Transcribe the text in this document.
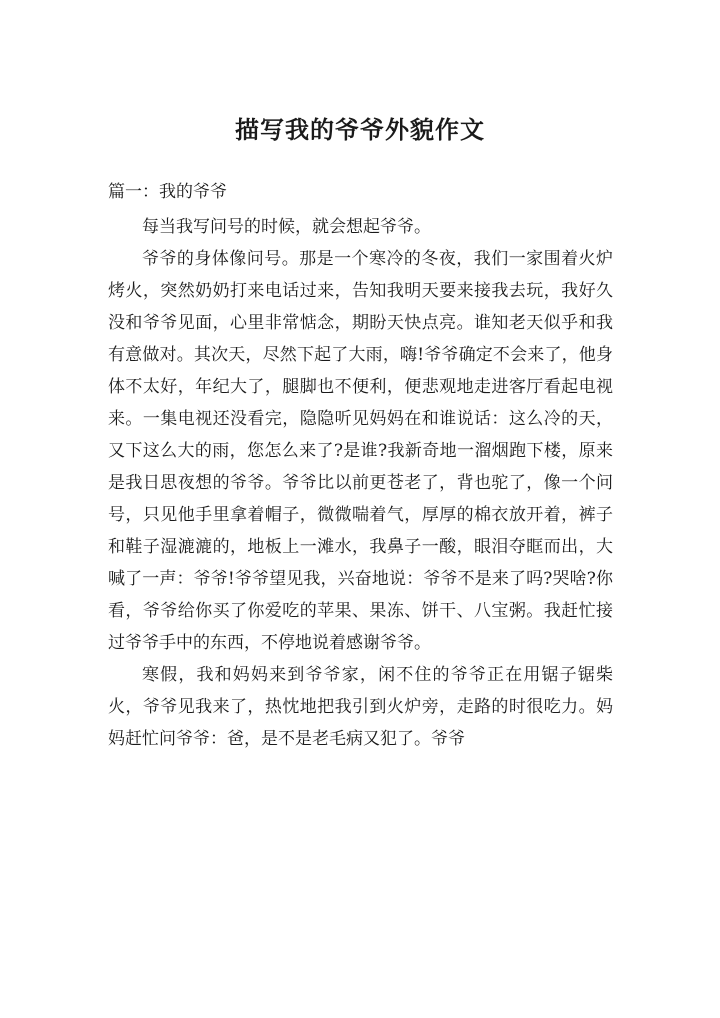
描写我的爷爷外貌作文
篇一：我的爷爷

每当我写问号的时候，就会想起爷爷。

爷爷的身体像问号。那是一个寒冷的冬夜，我们一家围着火炉烤火，突然奶奶打来电话过来，告知我明天要来接我去玩，我好久没和爷爷见面，心里非常惦念，期盼天快点亮。谁知老天似乎和我有意做对。其次天，尽然下起了大雨，嗨!爷爷确定不会来了，他身体不太好，年纪大了，腿脚也不便利，便悲观地走进客厅看起电视来。一集电视还没看完，隐隐听见妈妈在和谁说话：这么冷的天，又下这么大的雨，您怎么来了?是谁?我新奇地一溜烟跑下楼，原来是我日思夜想的爷爷。爷爷比以前更苍老了，背也驼了，像一个问号，只见他手里拿着帽子，微微喘着气，厚厚的棉衣放开着，裤子和鞋子湿漉漉的，地板上一滩水，我鼻子一酸，眼泪夺眶而出，大喊了一声：爷爷!爷爷望见我，兴奋地说：爷爷不是来了吗?哭啥?你看，爷爷给你买了你爱吃的苹果、果冻、饼干、八宝粥。我赶忙接过爷爷手中的东西，不停地说着感谢爷爷。

寒假，我和妈妈来到爷爷家，闲不住的爷爷正在用锯子锯柴火，爷爷见我来了，热忱地把我引到火炉旁，走路的时很吃力。妈妈赶忙问爷爷：爸，是不是老毛病又犯了。爷爷
